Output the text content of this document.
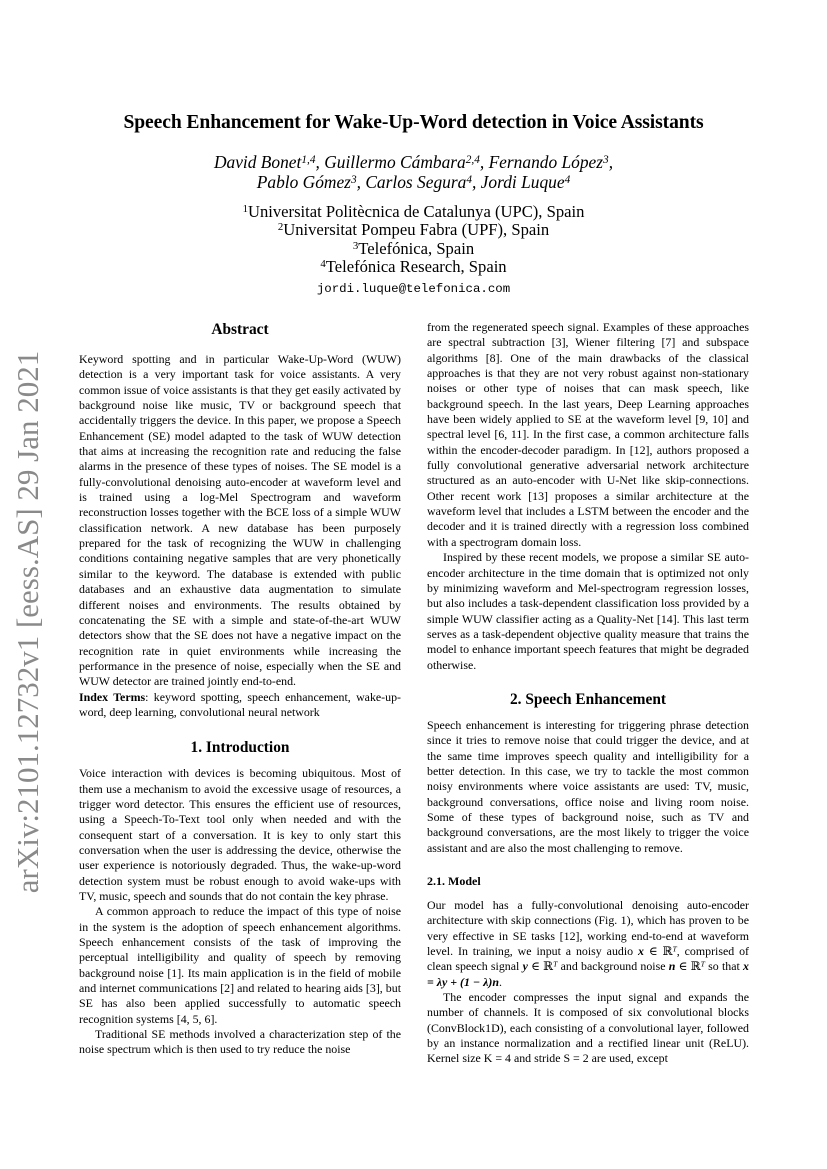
arXiv:2101.12732v1 [eess.AS] 29 Jan 2021
Speech Enhancement for Wake-Up-Word detection in Voice Assistants
David Bonet$^{1,4}$, Guillermo Cámbara$^{2,4}$, Fernando López$^3$,
Pablo Gómez$^3$, Carlos Segura$^4$, Jordi Luque$^4$
$^1$Universitat Politècnica de Catalunya (UPC), Spain
$^2$Universitat Pompeu Fabra (UPF), Spain
$^3$Telefónica, Spain
$^4$Telefónica Research, Spain
jordi.luque@telefonica.com
Abstract

Keyword spotting and in particular Wake-Up-Word (WUW) detection is a very important task for voice assistants. A very common issue of voice assistants is that they get easily activated by background noise like music, TV or background speech that accidentally triggers the device. In this paper, we propose a Speech Enhancement (SE) model adapted to the task of WUW detection that aims at increasing the recognition rate and reducing the false alarms in the presence of these types of noises. The SE model is a fully-convolutional denoising auto-encoder at waveform level and is trained using a log-Mel Spectrogram and waveform reconstruction losses together with the BCE loss of a simple WUW classification network. A new database has been purposely prepared for the task of recognizing the WUW in challenging conditions containing negative samples that are very phonetically similar to the keyword. The database is extended with public databases and an exhaustive data augmentation to simulate different noises and environments. The results obtained by concatenating the SE with a simple and state-of-the-art WUW detectors show that the SE does not have a negative impact on the recognition rate in quiet environments while increasing the performance in the presence of noise, especially when the SE and WUW detector are trained jointly end-to-end.

Index Terms: keyword spotting, speech enhancement, wake-up-word, deep learning, convolutional neural network

1. Introduction

Voice interaction with devices is becoming ubiquitous. Most of them use a mechanism to avoid the excessive usage of resources, a trigger word detector. This ensures the efficient use of resources, using a Speech-To-Text tool only when needed and with the consequent start of a conversation. It is key to only start this conversation when the user is addressing the device, otherwise the user experience is notoriously degraded. Thus, the wake-up-word detection system must be robust enough to avoid wake-ups with TV, music, speech and sounds that do not contain the key phrase.

A common approach to reduce the impact of this type of noise in the system is the adoption of speech enhancement algorithms. Speech enhancement consists of the task of improving the perceptual intelligibility and quality of speech by removing background noise [1]. Its main application is in the field of mobile and internet communications [2] and related to hearing aids [3], but SE has also been applied successfully to automatic speech recognition systems [4, 5, 6].

Traditional SE methods involved a characterization step of the noise spectrum which is then used to try reduce the noise

from the regenerated speech signal. Examples of these approaches are spectral subtraction [3], Wiener filtering [7] and subspace algorithms [8]. One of the main drawbacks of the classical approaches is that they are not very robust against non-stationary noises or other type of noises that can mask speech, like background speech. In the last years, Deep Learning approaches have been widely applied to SE at the waveform level [9, 10] and spectral level [6, 11]. In the first case, a common architecture falls within the encoder-decoder paradigm. In [12], authors proposed a fully convolutional generative adversarial network architecture structured as an auto-encoder with U-Net like skip-connections. Other recent work [13] proposes a similar architecture at the waveform level that includes a LSTM between the encoder and the decoder and it is trained directly with a regression loss combined with a spectrogram domain loss.

Inspired by these recent models, we propose a similar SE auto-encoder architecture in the time domain that is optimized not only by minimizing waveform and Mel-spectrogram regression losses, but also includes a task-dependent classification loss provided by a simple WUW classifier acting as a Quality-Net [14]. This last term serves as a task-dependent objective quality measure that trains the model to enhance important speech features that might be degraded otherwise.

2. Speech Enhancement

Speech enhancement is interesting for triggering phrase detection since it tries to remove noise that could trigger the device, and at the same time improves speech quality and intelligibility for a better detection. In this case, we try to tackle the most common noisy environments where voice assistants are used: TV, music, background conversations, office noise and living room noise. Some of these types of background noise, such as TV and background conversations, are the most likely to trigger the voice assistant and are also the most challenging to remove.

2.1. Model

Our model has a fully-convolutional denoising auto-encoder architecture with skip connections (Fig. 1), which has proven to be very effective in SE tasks [12], working end-to-end at waveform level. In training, we input a noisy audio x ∈ ℝ$^T$, comprised of clean speech signal y ∈ ℝ$^T$ and background noise n ∈ ℝ$^T$ so that x = λy + (1 − λ)n.

The encoder compresses the input signal and expands the number of channels. It is composed of six convolutional blocks (ConvBlock1D), each consisting of a convolutional layer, followed by an instance normalization and a rectified linear unit (ReLU). Kernel size K = 4 and stride S = 2 are used, except
